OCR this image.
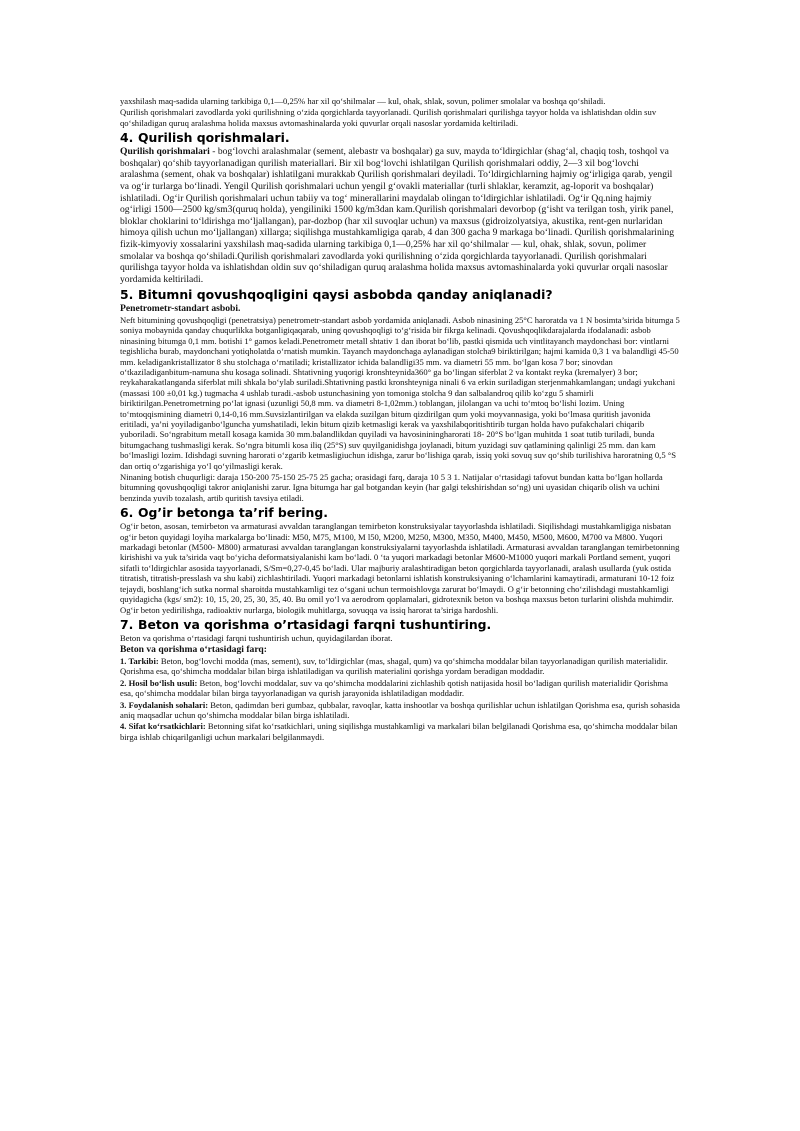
yaxshilash maq-sadida ularning tarkibiga 0,1—0,25% har xil qo‘shilmalar — kul, ohak, shlak, sovun, polimer smolalar va boshqa qo‘shiladi.

Qurilish qorishmalari zavodlarda yoki qurilishning o‘zida qorgichlarda tayyorlanadi. Qurilish qorishmalari qurilishga tayyor holda va ishlatishdan oldin suv qo‘shiladigan quruq aralashma holida maxsus avtomashinalarda yoki quvurlar orqali nasoslar yordamida keltiriladi.

4. Qurilish qorishmalari.

Qurilish qorishmalari - bog‘lovchi aralashmalar (sement, alebastr va boshqalar) ga suv, mayda to‘ldirgichlar (shag‘al, chaqiq tosh, toshqol va boshqalar) qo‘shib tayyorlanadigan qurilish materiallari. Bir xil bog‘lovchi ishlatilgan Qurilish qorishmalari oddiy, 2—3 xil bog‘lovchi aralashma (sement, ohak va boshqalar) ishlatilgani murakkab Qurilish qorishmalari deyiladi. To‘ldirgichlarning hajmiy og‘irligiga qarab, yengil va og‘ir turlarga bo‘linadi. Yengil Qurilish qorishmalari uchun yengil g‘ovakli materiallar (turli shlaklar, keramzit, ag-loporit va boshqalar) ishlatiladi. Og‘ir Qurilish qorishmalari uchun tabiiy va tog‘ minerallarini maydalab olingan to‘ldirgichlar ishlatiladi. Og‘ir Qq.ning hajmiy og‘irligi 1500—2500 kg/sm3(quruq holda), yengiliniki 1500 kg/m3dan kam.Qurilish qorishmalari devorbop (g‘isht va terilgan tosh, yirik panel, bloklar choklarini to‘ldirishga mo‘ljallangan), par-dozbop (har xil suvoqlar uchun) va maxsus (gidroizolyatsiya, akustika, rent-gen nurlaridan himoya qilish uchun mo‘ljallangan) xillarga; siqilishga mustahkamligiga qarab, 4 dan 300 gacha 9 markaga bo‘linadi. Qurilish qorishmalarining fizik-kimyoviy xossalarini yaxshilash maq-sadida ularning tarkibiga 0,1—0,25% har xil qo‘shilmalar — kul, ohak, shlak, sovun, polimer smolalar va boshqa qo‘shiladi.Qurilish qorishmalari zavodlarda yoki qurilishning o‘zida qorgichlarda tayyorlanadi. Qurilish qorishmalari qurilishga tayyor holda va ishlatishdan oldin suv qo‘shiladigan quruq aralashma holida maxsus avtomashinalarda yoki quvurlar orqali nasoslar yordamida keltiriladi.

5. Bitumni qovushqoqligini qaysi asbobda qanday aniqlanadi?
Penetrometr-standart asbobi.

Neft bitumining qovushqoqligi (penetratsiya) penetrometr-standart asbob yordamida aniqlanadi. Asbob ninasining 25°C haroratda va 1 N bosimta’sirida bitumga 5 soniya mobaynida qanday chuqurlikka botganligiqaqarab, uning qovushqoqligi to‘g‘risida bir fikrga kelinadi. Qovushqoqlikdarajalarda ifodalanadi: asbob ninasining bitumga 0,1 mm. botishi 1° gamos keladi.Penetrometr metall shtativ 1 dan iborat bo‘lib, pastki qismida uch vintlitayanch maydonchasi bor: vintlarni tegishlicha burab, maydonchani yotiqholatda o‘rnatish mumkin. Tayanch maydonchaga aylanadigan stolcha9 biriktirilgan; hajmi kamida 0,3 1 va balandligi 45-50 mm. keladigankristallizator 8 shu stolchaga o‘rnatiladi; kristallizator ichida balandligi35 mm. va diametri 55 mm. bo‘lgan kosa 7 bor; sinovdan o‘tkaziladiganbitum-namuna shu kosaga solinadi. Shtativning yuqorigi kronshteynida360° ga bo‘lingan siferblat 2 va kontakt reyka (kremalyer) 3 bor; reykaharakatlanganda siferblat mili shkala bo‘ylab suriladi.Shtativning pastki kronshteyniga ninali 6 va erkin suriladigan sterjenmahkamlangan; undagi yukchani (massasi 100 ±0,01 kg.) tugmacha 4 ushlab turadi.-asbob ustunchasining yon tomoniga stolcha 9 dan salbalandroq qilib ko‘zgu 5 shamirli biriktirilgan.Penetrometrning po‘lat ignasi (uzunligi 50,8 mm. va diametri 8-1,02mm.) toblangan, jilolangan va uchi to‘mtoq bo‘lishi lozim. Uning to‘mtoqqismining diametri 0,14-0,16 mm.Suvsizlantirilgan va elakda suzilgan bitum qizdirilgan qum yoki moyvannasiga, yoki bo‘lmasa quritish javonida eritiladi, ya’ni yoyiladiganbo‘lguncha yumshatiladi, lekin bitum qizib ketmasligi kerak va yaxshilabqoritishtirib turgan holda havo pufakchalari chiqarib yuboriladi. So‘ngrabitum metall kosaga kamida 30 mm.balandlikdan quyiladi va havosininingharorati 18- 20°S bo‘lgan muhitda 1 soat tutib turiladi, bunda bitumgachang tushmasligi kerak. So‘ngra bitumli kosa iliq (25°S) suv quyilganidishga joylanadi, bitum yuzidagi suv qatlamining qalinligi 25 mm. dan kam bo‘lmasligi lozim. Idishdagi suvning harorati o‘zgarib ketmasligiuchun idishga, zarur bo‘lishiga qarab, issiq yoki sovuq suv qo‘shib turilishiva haroratning 0,5 °S dan ortiq o‘zgarishiga yo‘l qo‘yilmasligi kerak.

Ninaning botish chuqurligi: daraja 150-200 75-150 25-75 25 gacha; orasidagi farq, daraja 10 5 3 1. Natijalar o‘rtasidagi tafovut bundan katta bo‘lgan hollarda bitumning qovushqoqligi takror aniqlanishi zarur. Igna bitumga har gal botgandan keyin (har galgi tekshirishdan so‘ng) uni uyasidan chiqarib olish va uchini benzinda yuvib tozalash, artib quritish tavsiya etiladi.

6. Og’ir betonga ta’rif bering.

Og‘ir beton, asosan, temirbeton va armaturasi avvaldan taranglangan temirbeton konstruksiyalar tayyorlashda ishlatiladi. Siqilishdagi mustahkamligiga nisbatan og‘ir beton quyidagi loyiha markalarga bo‘linadi: M50, M75, M100, M l50, M200, M250, M300, M350, M400, M450, M500, M600, M700 va M800. Yuqori markadagi betonlar (M500- M800) armaturasi avvaldan taranglangan konstruksiyalarni tayyorlashda ishlatiladi. Armaturasi avvaldan taranglangan temirbetonning kirishishi va yuk ta’sirida vaqt bo‘yicha deformatsiyalanishi kam bo‘ladi. 0 ‘ta yuqori markadagi betonlar M600-M1000 yuqori markali Portland sement, yuqori sifatli to‘ldirgichlar asosida tayyorlanadi, S/Sm=0,27-0,45 bo‘ladi. Ular majburiy aralashtiradigan beton qorgichlarda tayyorlanadi, aralash usullarda (yuk ostida titratish, titratish-presslash va shu kabi) zichlashtiriladi. Yuqori markadagi betonlarni ishlatish konstruksiyaning o‘lchamlarini kamaytiradi, armaturani 10-12 foiz tejaydi, boshlang‘ich sutka normal sharoitda mustahkamligi tez o‘sgani uchun termoishlovga zarurat bo‘lmaydi. O g‘ir betonning cho‘zilishdagi mustahkamligi quyidagicha (kgs/ sm2): 10, 15, 20, 25, 30, 35, 40. Bu omil yo‘l va aerodrom qoplamalari, gidrotexnik beton va boshqa maxsus beton turlarini olishda muhimdir. Og‘ir beton yedirilishga, radioaktiv nurlarga, biologik muhitlarga, sovuqqa va issiq harorat ta’siriga hardoshli.

7. Beton va qorishma o’rtasidagi farqni tushuntiring.

Beton va qorishma o‘rtasidagi farqni tushuntirish uchun, quyidagilardan iborat.

Beton va qorishma o‘rtasidagi farq:

1. Tarkibi: Beton, bog‘lovchi modda (mas, sement), suv, to‘ldirgichlar (mas, shagal, qum) va qo‘shimcha moddalar bilan tayyorlanadigan qurilish materialidir. Qorishma esa, qo‘shimcha moddalar bilan birga ishlatiladigan va qurilish materialini qorishga yordam beradigan moddadir.

2. Hosil bo‘lish usuli: Beton, bog‘lovchi moddalar, suv va qo‘shimcha moddalarini zichlashib qotish natijasida hosil bo‘ladigan qurilish materialidir Qorishma esa, qo‘shimcha moddalar bilan birga tayyorlanadigan va qurish jarayonida ishlatiladigan moddadir.

3. Foydalanish sohalari: Beton, qadimdan beri gumbaz, qubbalar, ravoqlar, katta inshootlar va boshqa qurilishlar uchun ishlatilgan Qorishma esa, qurish sohasida aniq maqsadlar uchun qo‘shimcha moddalar bilan birga ishlatiladi.

4. Sifat ko‘rsatkichlari: Betonning sifat ko‘rsatkichlari, uning siqilishga mustahkamligi va markalari bilan belgilanadi Qorishma esa, qo‘shimcha moddalar bilan birga ishlab chiqarilganligi uchun markalari belgilanmaydi.
